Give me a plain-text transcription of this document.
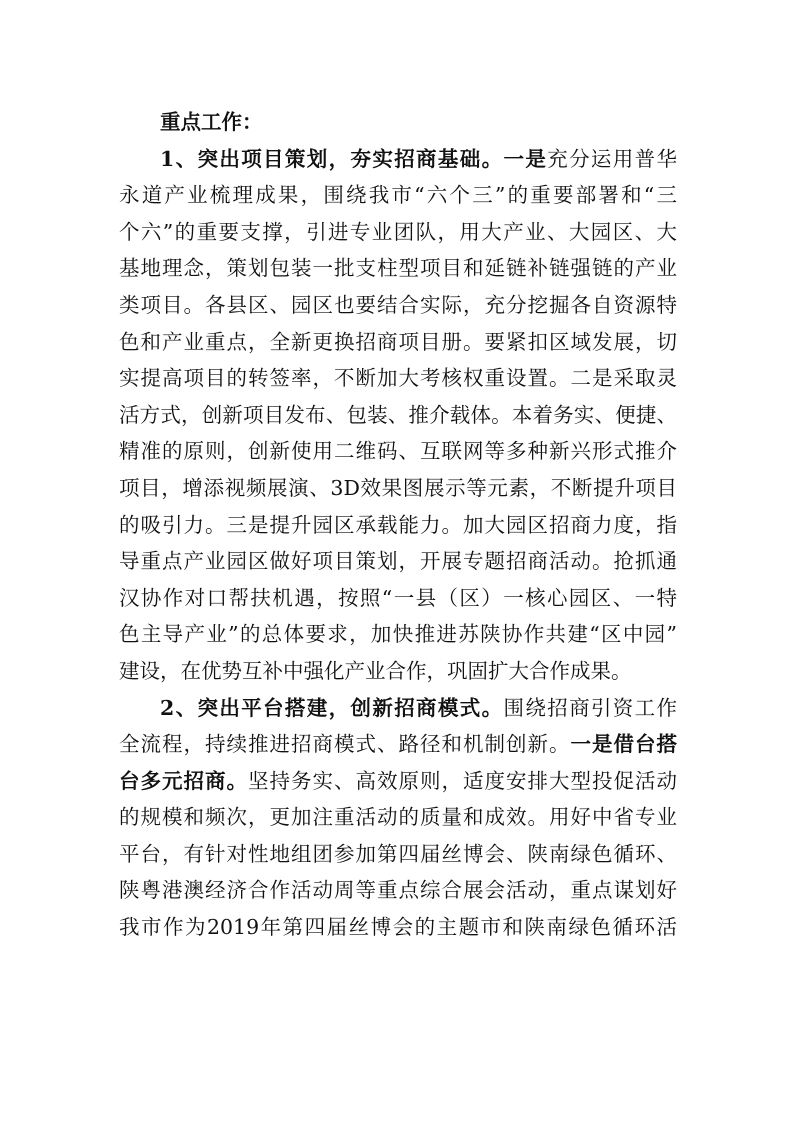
重点工作：
1、突出项目策划，夯实招商基础。一是充分运用普华
永道产业梳理成果，围绕我市“六个三”的重要部署和“三
个六”的重要支撑，引进专业团队，用大产业、大园区、大
基地理念，策划包装一批支柱型项目和延链补链强链的产业
类项目。各县区、园区也要结合实际，充分挖掘各自资源特
色和产业重点，全新更换招商项目册。要紧扣区域发展，切
实提高项目的转签率，不断加大考核权重设置。二是采取灵
活方式，创新项目发布、包装、推介载体。本着务实、便捷、
精准的原则，创新使用二维码、互联网等多种新兴形式推介
项目，增添视频展演、3D效果图展示等元素，不断提升项目
的吸引力。三是提升园区承载能力。加大园区招商力度，指
导重点产业园区做好项目策划，开展专题招商活动。抢抓通
汉协作对口帮扶机遇，按照“一县（区）一核心园区、一特
色主导产业”的总体要求，加快推进苏陕协作共建“区中园”
建设，在优势互补中强化产业合作，巩固扩大合作成果。
2、突出平台搭建，创新招商模式。围绕招商引资工作
全流程，持续推进招商模式、路径和机制创新。一是借台搭
台多元招商。坚持务实、高效原则，适度安排大型投促活动
的规模和频次，更加注重活动的质量和成效。用好中省专业
平台，有针对性地组团参加第四届丝博会、陕南绿色循环、
陕粤港澳经济合作活动周等重点综合展会活动，重点谋划好
我市作为2019年第四届丝博会的主题市和陕南绿色循环活
